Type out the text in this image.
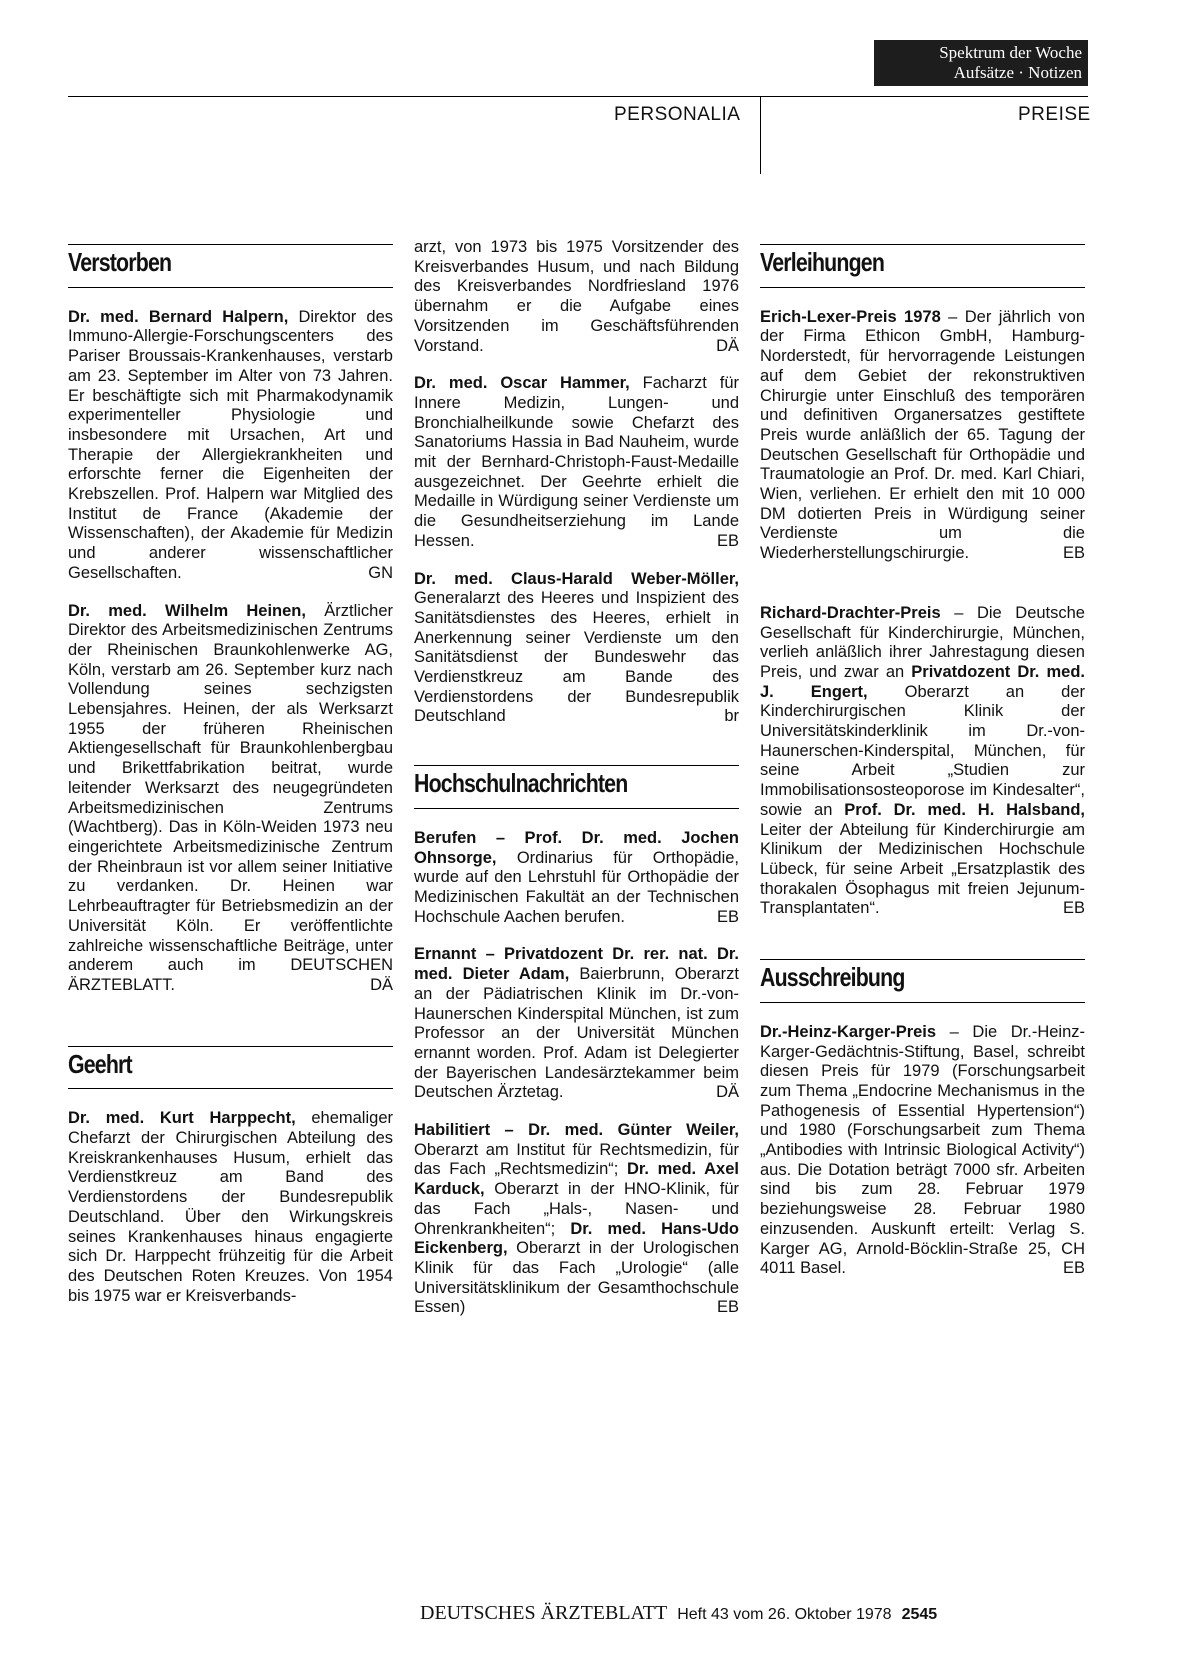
Spektrum der Woche
Aufsätze · Notizen
PERSONALIA	PREISE
Verstorben

Dr. med. Bernard Halpern, Direktor des Immuno-Allergie-Forschungscenters des Pariser Broussais-Krankenhauses, verstarb am 23. September im Alter von 73 Jahren. Er beschäftigte sich mit Pharmakodynamik experimenteller Physiologie und insbesondere mit Ursachen, Art und Therapie der Allergiekrankheiten und erforschte ferner die Eigenheiten der Krebszellen. Prof. Halpern war Mitglied des Institut de France (Akademie der Wissenschaften), der Akademie für Medizin und anderer wissenschaftlicher Gesellschaften.	GN

Dr. med. Wilhelm Heinen, Ärztlicher Direktor des Arbeitsmedizinischen Zentrums der Rheinischen Braunkohlenwerke AG, Köln, verstarb am 26. September kurz nach Vollendung seines sechzigsten Lebensjahres. Heinen, der als Werksarzt 1955 der früheren Rheinischen Aktiengesellschaft für Braunkohlenbergbau und Brikettfabrikation beitrat, wurde leitender Werksarzt des neugegründeten Arbeitsmedizinischen Zentrums (Wachtberg). Das in Köln-Weiden 1973 neu eingerichtete Arbeitsmedizinische Zentrum der Rheinbraun ist vor allem seiner Initiative zu verdanken. Dr. Heinen war Lehrbeauftragter für Betriebsmedizin an der Universität Köln. Er veröffentlichte zahlreiche wissenschaftliche Beiträge, unter anderem auch im DEUTSCHEN ÄRZTEBLATT.	DÄ

Geehrt

Dr. med. Kurt Harppecht, ehemaliger Chefarzt der Chirurgischen Abteilung des Kreiskrankenhauses Husum, erhielt das Verdienstkreuz am Band des Verdienstordens der Bundesrepublik Deutschland. Über den Wirkungskreis seines Krankenhauses hinaus engagierte sich Dr. Harppecht frühzeitig für die Arbeit des Deutschen Roten Kreuzes. Von 1954 bis 1975 war er Kreisverbands-

arzt, von 1973 bis 1975 Vorsitzender des Kreisverbandes Husum, und nach Bildung des Kreisverbandes Nordfriesland 1976 übernahm er die Aufgabe eines Vorsitzenden im Geschäftsführenden Vorstand.	DÄ

Dr. med. Oscar Hammer, Facharzt für Innere Medizin, Lungen- und Bronchialheilkunde sowie Chefarzt des Sanatoriums Hassia in Bad Nauheim, wurde mit der Bernhard-Christoph-Faust-Medaille ausgezeichnet. Der Geehrte erhielt die Medaille in Würdigung seiner Verdienste um die Gesundheitserziehung im Lande Hessen.	EB

Dr. med. Claus-Harald Weber-Möller, Generalarzt des Heeres und Inspizient des Sanitätsdienstes des Heeres, erhielt in Anerkennung seiner Verdienste um den Sanitätsdienst der Bundeswehr das Verdienstkreuz am Bande des Verdienstordens der Bundesrepublik Deutschland	br

Hochschulnachrichten

Berufen – Prof. Dr. med. Jochen Ohnsorge, Ordinarius für Orthopädie, wurde auf den Lehrstuhl für Orthopädie der Medizinischen Fakultät an der Technischen Hochschule Aachen berufen.	EB

Ernannt – Privatdozent Dr. rer. nat. Dr. med. Dieter Adam, Baierbrunn, Oberarzt an der Pädiatrischen Klinik im Dr.-von-Haunerschen Kinderspital München, ist zum Professor an der Universität München ernannt worden. Prof. Adam ist Delegierter der Bayerischen Landesärztekammer beim Deutschen Ärztetag.	DÄ

Habilitiert – Dr. med. Günter Weiler, Oberarzt am Institut für Rechtsmedizin, für das Fach „Rechtsmedizin“; Dr. med. Axel Karduck, Oberarzt in der HNO-Klinik, für das Fach „Hals-, Nasen- und Ohrenkrankheiten“; Dr. med. Hans-Udo Eickenberg, Oberarzt in der Urologischen Klinik für das Fach „Urologie“ (alle Universitätsklinikum der Gesamthochschule Essen)	EB

Verleihungen

Erich-Lexer-Preis 1978 – Der jährlich von der Firma Ethicon GmbH, Hamburg-Norderstedt, für hervorragende Leistungen auf dem Gebiet der rekonstruktiven Chirurgie unter Einschluß des temporären und definitiven Organersatzes gestiftete Preis wurde anläßlich der 65. Tagung der Deutschen Gesellschaft für Orthopädie und Traumatologie an Prof. Dr. med. Karl Chiari, Wien, verliehen. Er erhielt den mit 10 000 DM dotierten Preis in Würdigung seiner Verdienste um die Wiederherstellungschirurgie.	EB

Richard-Drachter-Preis – Die Deutsche Gesellschaft für Kinderchirurgie, München, verlieh anläßlich ihrer Jahrestagung diesen Preis, und zwar an Privatdozent Dr. med. J. Engert, Oberarzt an der Kinderchirurgischen Klinik der Universitätskinderklinik im Dr.-von-Haunerschen-Kinderspital, München, für seine Arbeit „Studien zur Immobilisationsosteoporose im Kindesalter“, sowie an Prof. Dr. med. H. Halsband, Leiter der Abteilung für Kinderchirurgie am Klinikum der Medizinischen Hochschule Lübeck, für seine Arbeit „Ersatzplastik des thorakalen Ösophagus mit freien Jejunum-Transplantaten“.	EB

Ausschreibung

Dr.-Heinz-Karger-Preis – Die Dr.-Heinz-Karger-Gedächtnis-Stiftung, Basel, schreibt diesen Preis für 1979 (Forschungsarbeit zum Thema „Endocrine Mechanismus in the Pathogenesis of Essential Hypertension“) und 1980 (Forschungsarbeit zum Thema „Antibodies with Intrinsic Biological Activity“) aus. Die Dotation beträgt 7000 sfr. Arbeiten sind bis zum 28. Februar 1979 beziehungsweise 28. Februar 1980 einzusenden. Auskunft erteilt: Verlag S. Karger AG, Arnold-Böcklin-Straße 25, CH 4011 Basel.	EB

DEUTSCHES ÄRZTEBLATT Heft 43 vom 26. Oktober 1978 2545
